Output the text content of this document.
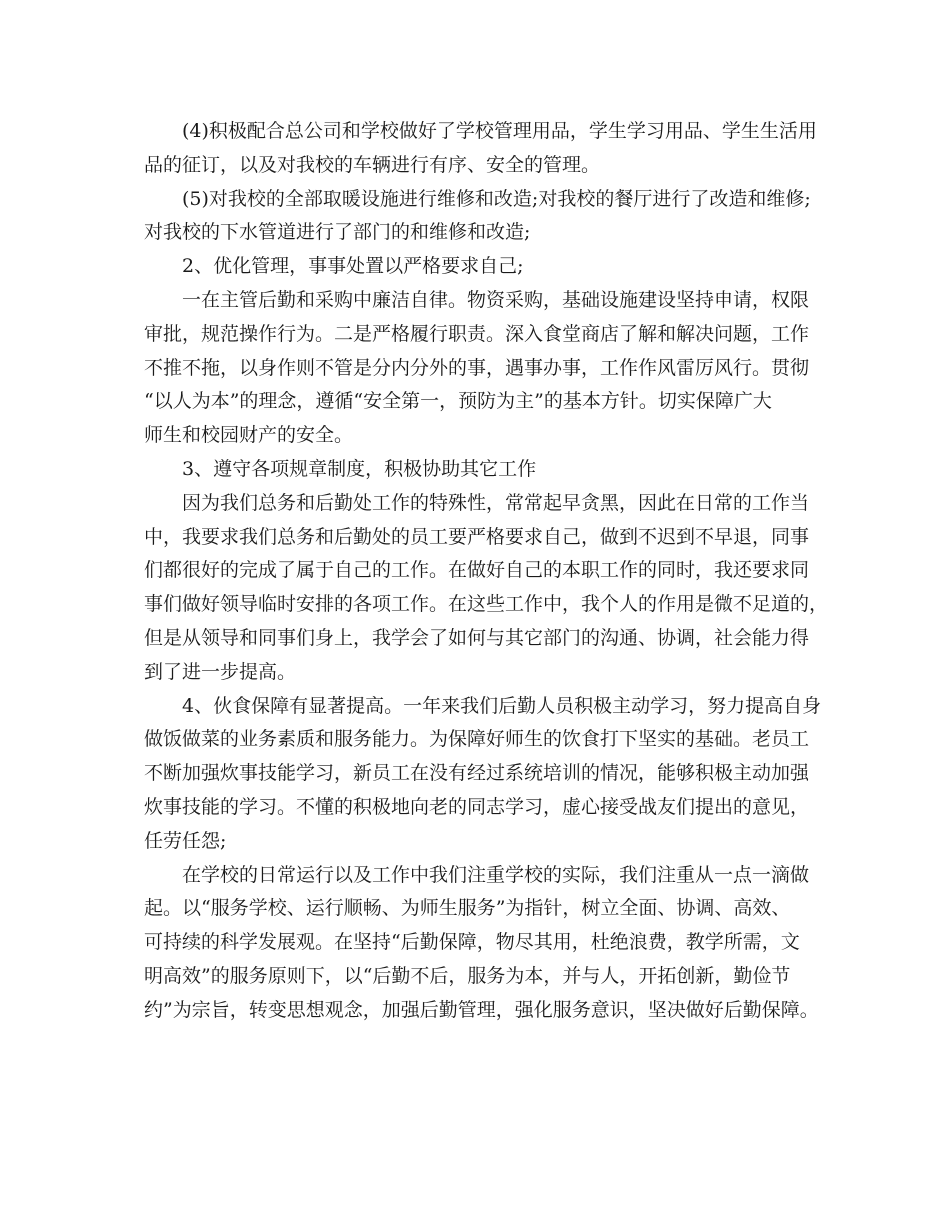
(4)积极配合总公司和学校做好了学校管理用品，学生学习用品、学生生活用
品的征订，以及对我校的车辆进行有序、安全的管理。
(5)对我校的全部取暖设施进行维修和改造;对我校的餐厅进行了改造和维修;
对我校的下水管道进行了部门的和维修和改造;
2、优化管理，事事处置以严格要求自己;
一在主管后勤和采购中廉洁自律。物资采购，基础设施建设坚持申请，权限
审批，规范操作行为。二是严格履行职责。深入食堂商店了解和解决问题，工作
不推不拖，以身作则不管是分内分外的事，遇事办事，工作作风雷厉风行。贯彻
“以人为本”的理念，遵循“安全第一，预防为主”的基本方针。切实保障广大
师生和校园财产的安全。
3、遵守各项规章制度，积极协助其它工作
因为我们总务和后勤处工作的特殊性，常常起早贪黑，因此在日常的工作当
中，我要求我们总务和后勤处的员工要严格要求自己，做到不迟到不早退，同事
们都很好的完成了属于自己的工作。在做好自己的本职工作的同时，我还要求同
事们做好领导临时安排的各项工作。在这些工作中，我个人的作用是微不足道的，
但是从领导和同事们身上，我学会了如何与其它部门的沟通、协调，社会能力得
到了进一步提高。
4、伙食保障有显著提高。一年来我们后勤人员积极主动学习，努力提高自身
做饭做菜的业务素质和服务能力。为保障好师生的饮食打下坚实的基础。老员工
不断加强炊事技能学习，新员工在没有经过系统培训的情况，能够积极主动加强
炊事技能的学习。不懂的积极地向老的同志学习，虚心接受战友们提出的意见，
任劳任怨;
在学校的日常运行以及工作中我们注重学校的实际，我们注重从一点一滴做
起。以“服务学校、运行顺畅、为师生服务”为指针，树立全面、协调、高效、
可持续的科学发展观。在坚持“后勤保障，物尽其用，杜绝浪费，教学所需，文
明高效”的服务原则下，以“后勤不后，服务为本，并与人，开拓创新，勤俭节
约”为宗旨，转变思想观念，加强后勤管理，强化服务意识，坚决做好后勤保障。
